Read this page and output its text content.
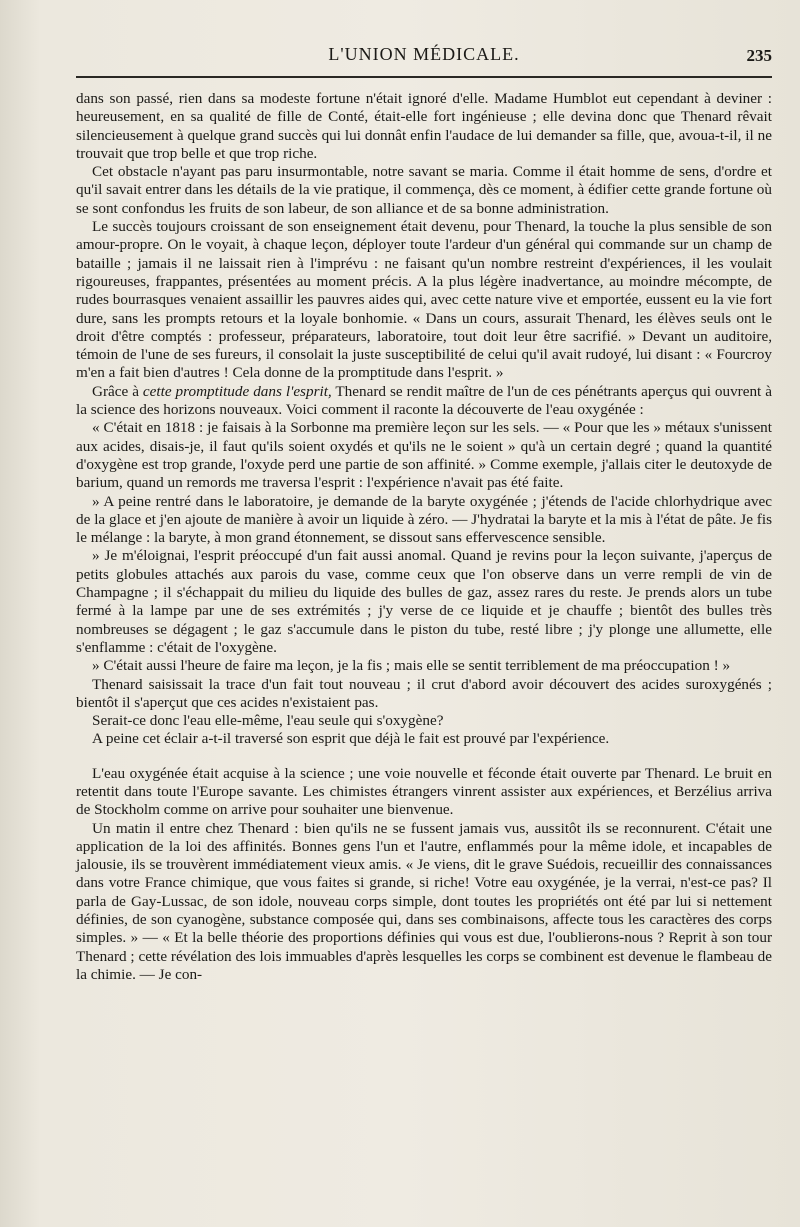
L'UNION MÉDICALE.	235

dans son passé, rien dans sa modeste fortune n'était ignoré d'elle. Madame Humblot eut cependant à deviner : heureusement, en sa qualité de fille de Conté, était-elle fort ingénieuse ; elle devina donc que Thenard rêvait silencieusement à quelque grand succès qui lui donnât enfin l'audace de lui demander sa fille, que, avoua-t-il, il ne trouvait que trop belle et que trop riche.

Cet obstacle n'ayant pas paru insurmontable, notre savant se maria. Comme il était homme de sens, d'ordre et qu'il savait entrer dans les détails de la vie pratique, il commença, dès ce moment, à édifier cette grande fortune où se sont confondus les fruits de son labeur, de son alliance et de sa bonne administration.

Le succès toujours croissant de son enseignement était devenu, pour Thenard, la touche la plus sensible de son amour-propre. On le voyait, à chaque leçon, déployer toute l'ardeur d'un général qui commande sur un champ de bataille ; jamais il ne laissait rien à l'imprévu : ne faisant qu'un nombre restreint d'expériences, il les voulait rigoureuses, frappantes, présentées au moment précis. A la plus légère inadvertance, au moindre mécompte, de rudes bourrasques venaient assaillir les pauvres aides qui, avec cette nature vive et emportée, eussent eu la vie fort dure, sans les prompts retours et la loyale bonhomie. « Dans un cours, assurait Thenard, les élèves seuls ont le droit d'être comptés : professeur, préparateurs, laboratoire, tout doit leur être sacrifié. » Devant un auditoire, témoin de l'une de ses fureurs, il consolait la juste susceptibilité de celui qu'il avait rudoyé, lui disant : « Fourcroy m'en a fait bien d'autres ! Cela donne de la promptitude dans l'esprit. »

Grâce à cette promptitude dans l'esprit, Thenard se rendit maître de l'un de ces pénétrants aperçus qui ouvrent à la science des horizons nouveaux. Voici comment il raconte la découverte de l'eau oxygénée :

« C'était en 1818 : je faisais à la Sorbonne ma première leçon sur les sels. — « Pour que les » métaux s'unissent aux acides, disais-je, il faut qu'ils soient oxydés et qu'ils ne le soient » qu'à un certain degré ; quand la quantité d'oxygène est trop grande, l'oxyde perd une partie de son affinité. » Comme exemple, j'allais citer le deutoxyde de barium, quand un remords me traversa l'esprit : l'expérience n'avait pas été faite.

» A peine rentré dans le laboratoire, je demande de la baryte oxygénée ; j'étends de l'acide chlorhydrique avec de la glace et j'en ajoute de manière à avoir un liquide à zéro. — J'hydratai la baryte et la mis à l'état de pâte. Je fis le mélange : la baryte, à mon grand étonnement, se dissout sans effervescence sensible.

» Je m'éloignai, l'esprit préoccupé d'un fait aussi anomal. Quand je revins pour la leçon suivante, j'aperçus de petits globules attachés aux parois du vase, comme ceux que l'on observe dans un verre rempli de vin de Champagne ; il s'échappait du milieu du liquide des bulles de gaz, assez rares du reste. Je prends alors un tube fermé à la lampe par une de ses extrémités ; j'y verse de ce liquide et je chauffe ; bientôt des bulles très nombreuses se dégagent ; le gaz s'accumule dans le piston du tube, resté libre ; j'y plonge une allumette, elle s'enflamme : c'était de l'oxygène.

» C'était aussi l'heure de faire ma leçon, je la fis ; mais elle se sentit terriblement de ma préoccupation ! »

Thenard saisissait la trace d'un fait tout nouveau ; il crut d'abord avoir découvert des acides suroxygénés ; bientôt il s'aperçut que ces acides n'existaient pas.

Serait-ce donc l'eau elle-même, l'eau seule qui s'oxygène?

A peine cet éclair a-t-il traversé son esprit que déjà le fait est prouvé par l'expérience.

L'eau oxygénée était acquise à la science ; une voie nouvelle et féconde était ouverte par Thenard. Le bruit en retentit dans toute l'Europe savante. Les chimistes étrangers vinrent assister aux expériences, et Berzélius arriva de Stockholm comme on arrive pour souhaiter une bienvenue.

Un matin il entre chez Thenard : bien qu'ils ne se fussent jamais vus, aussitôt ils se reconnurent. C'était une application de la loi des affinités. Bonnes gens l'un et l'autre, enflammés pour la même idole, et incapables de jalousie, ils se trouvèrent immédiatement vieux amis. « Je viens, dit le grave Suédois, recueillir des connaissances dans votre France chimique, que vous faites si grande, si riche! Votre eau oxygénée, je la verrai, n'est-ce pas? Il parla de Gay-Lussac, de son idole, nouveau corps simple, dont toutes les propriétés ont été par lui si nettement définies, de son cyanogène, substance composée qui, dans ses combinaisons, affecte tous les caractères des corps simples. » — « Et la belle théorie des proportions définies qui vous est due, l'oublierons-nous ? Reprit à son tour Thenard ; cette révélation des lois immuables d'après lesquelles les corps se combinent est devenue le flambeau de la chimie. — Je con-
